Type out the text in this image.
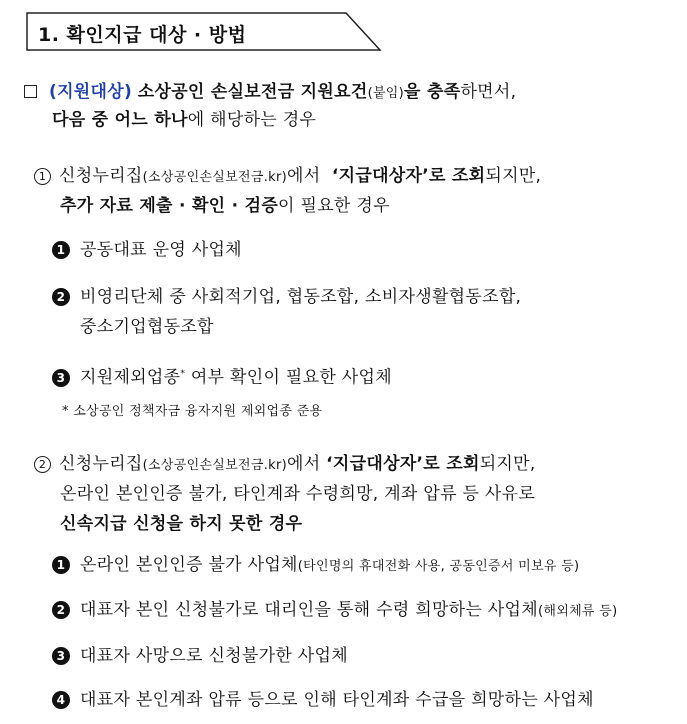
1. 확인지급 대상 · 방법
(지원대상) 소상공인 손실보전금 지원요건(붙임)을 충족하면서,
다음 중 어느 하나에 해당하는 경우
1 신청누리집(소상공인손실보전금.kr)에서 ‘지급대상자’로 조회되지만,
추가 자료 제출 · 확인 · 검증이 필요한 경우
1 공동대표 운영 사업체
2 비영리단체 중 사회적기업, 협동조합, 소비자생활협동조합,
중소기업협동조합
3 지원제외업종* 여부 확인이 필요한 사업체
* 소상공인 정책자금 융자지원 제외업종 준용
2 신청누리집(소상공인손실보전금.kr)에서 ‘지급대상자’로 조회되지만,
온라인 본인인증 불가, 타인계좌 수령희망, 계좌 압류 등 사유로
신속지급 신청을 하지 못한 경우
1 온라인 본인인증 불가 사업체(타인명의 휴대전화 사용, 공동인증서 미보유 등)
2 대표자 본인 신청불가로 대리인을 통해 수령 희망하는 사업체(해외체류 등)
3 대표자 사망으로 신청불가한 사업체
4 대표자 본인계좌 압류 등으로 인해 타인계좌 수급을 희망하는 사업체
